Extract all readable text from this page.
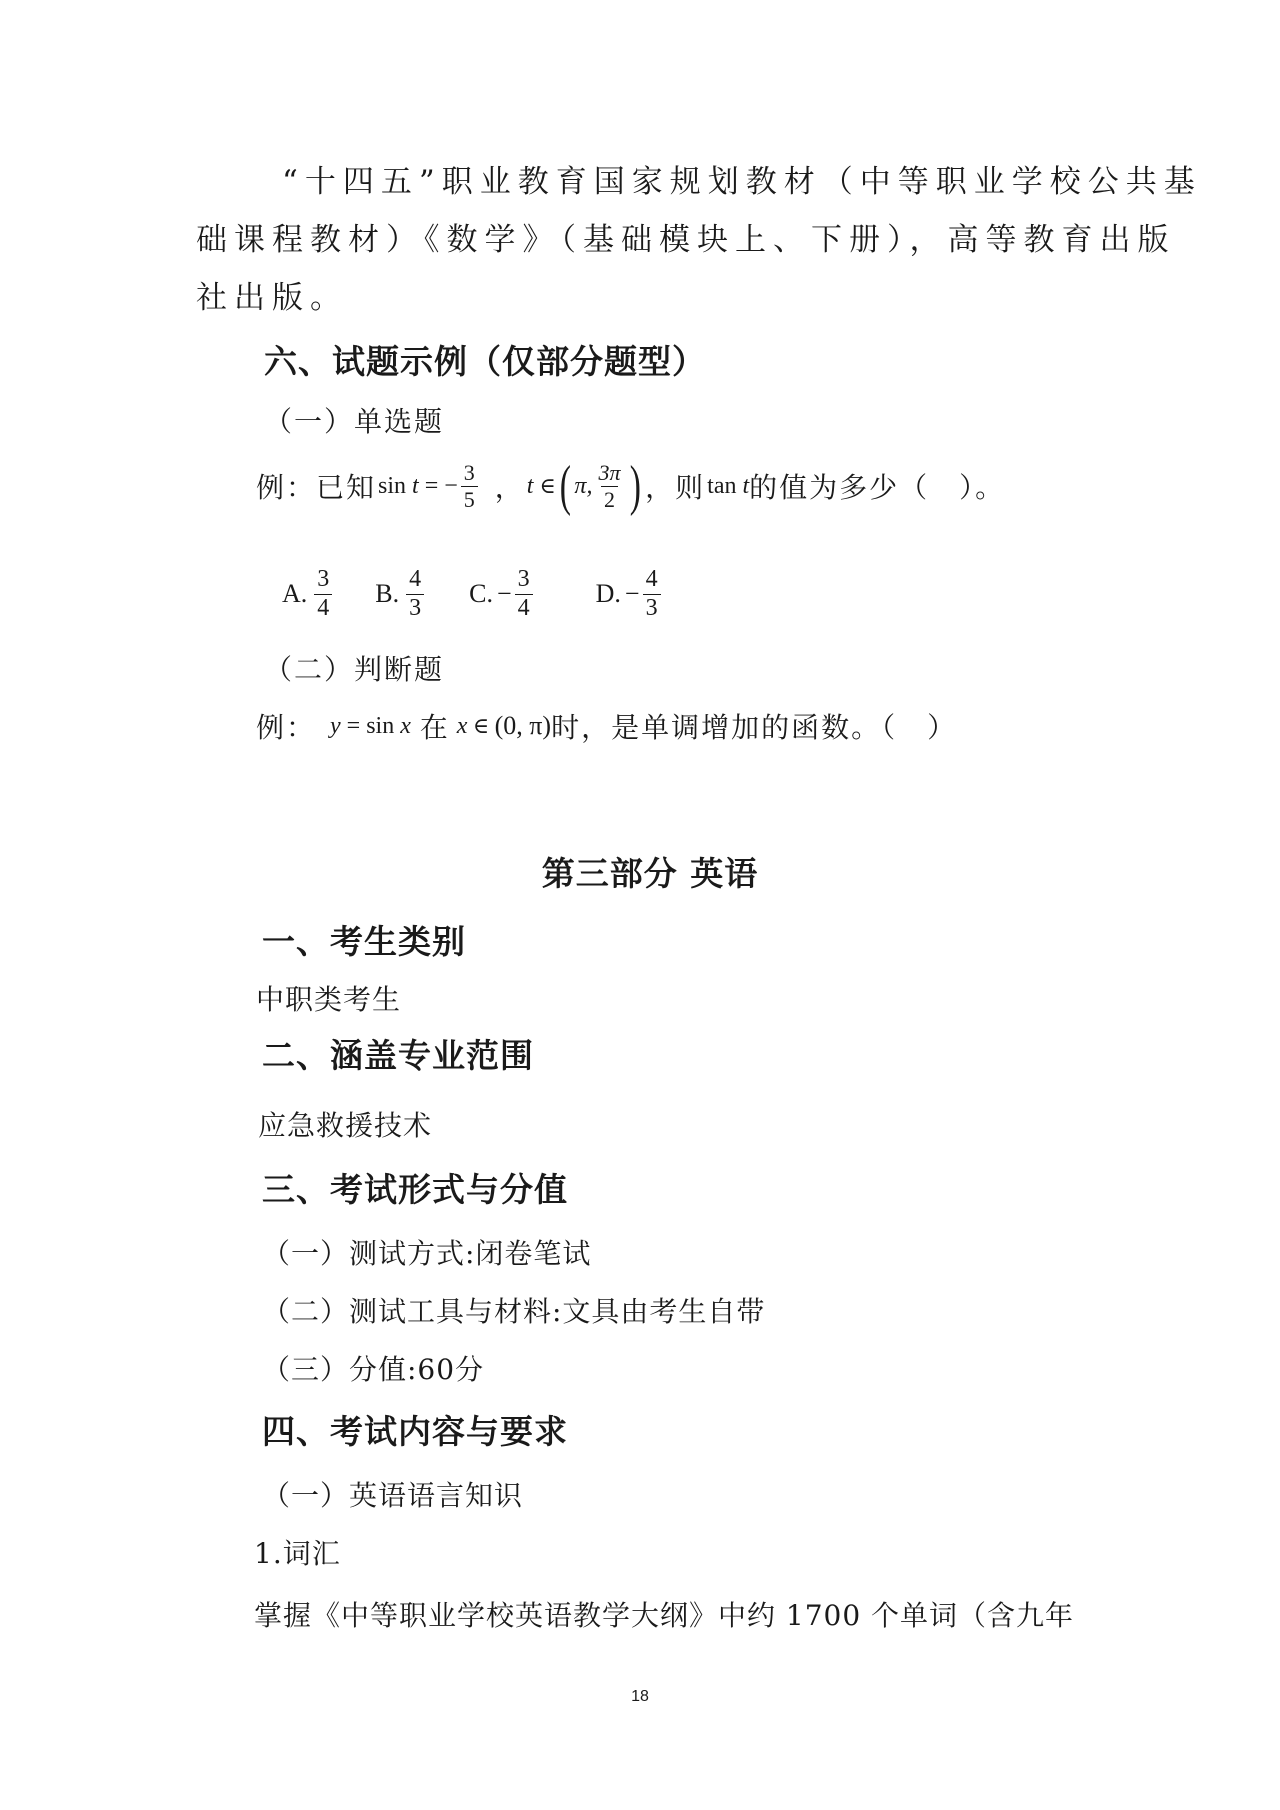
“十四五”职业教育国家规划教材（中等职业学校公共基
础课程教材）《数学》（基础模块上、下册），高等教育出版
社出版。
六、试题示例（仅部分题型）
（一）单选题
例：已知 sin t = − $\frac{3}{5}$ ， t ∈ ( π, $\frac{3\pi}{2}$ ) ，则 tan t 的值为多少（　）。
A. $\frac{3}{4} B$. $\frac{4}{3} C$. − $\frac{3}{4} D$. − $\frac{4}{3}$
（二）判断题
例： y = sin x 在 x ∈ (0, π) 时，是单调增加的函数。（　）
第三部分 英语
一、考生类别
中职类考生
二、涵盖专业范围
应急救援技术
三、考试形式与分值
（一）测试方式:闭卷笔试
（二）测试工具与材料:文具由考生自带
（三）分值:60分
四、考试内容与要求
（一）英语语言知识
1.词汇
掌握《中等职业学校英语教学大纲》中约 1700 个单词（含九年
18
